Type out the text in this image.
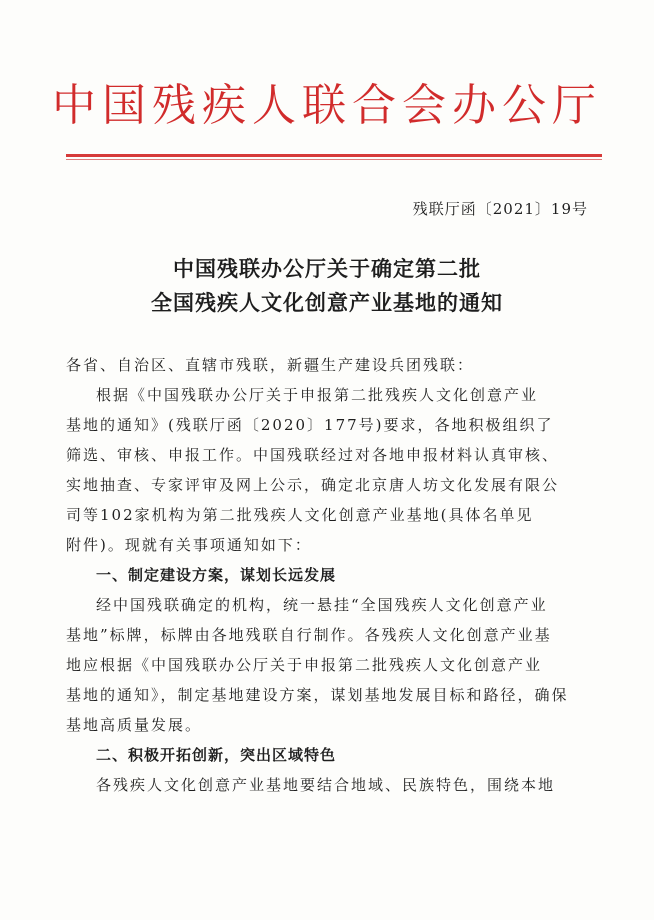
中国残疾人联合会办公厅
残联厅函〔2021〕19号
中国残联办公厅关于确定第二批
全国残疾人文化创意产业基地的通知
各省、自治区、直辖市残联，新疆生产建设兵团残联：
根据《中国残联办公厅关于申报第二批残疾人文化创意产业
基地的通知》(残联厅函〔2020〕177号)要求，各地积极组织了
筛选、审核、申报工作。中国残联经过对各地申报材料认真审核、
实地抽查、专家评审及网上公示，确定北京唐人坊文化发展有限公
司等102家机构为第二批残疾人文化创意产业基地(具体名单见
附件)。现就有关事项通知如下：
一、制定建设方案，谋划长远发展
经中国残联确定的机构，统一悬挂“全国残疾人文化创意产业
基地”标牌，标牌由各地残联自行制作。各残疾人文化创意产业基
地应根据《中国残联办公厅关于申报第二批残疾人文化创意产业
基地的通知》，制定基地建设方案，谋划基地发展目标和路径，确保
基地高质量发展。
二、积极开拓创新，突出区域特色
各残疾人文化创意产业基地要结合地域、民族特色，围绕本地
